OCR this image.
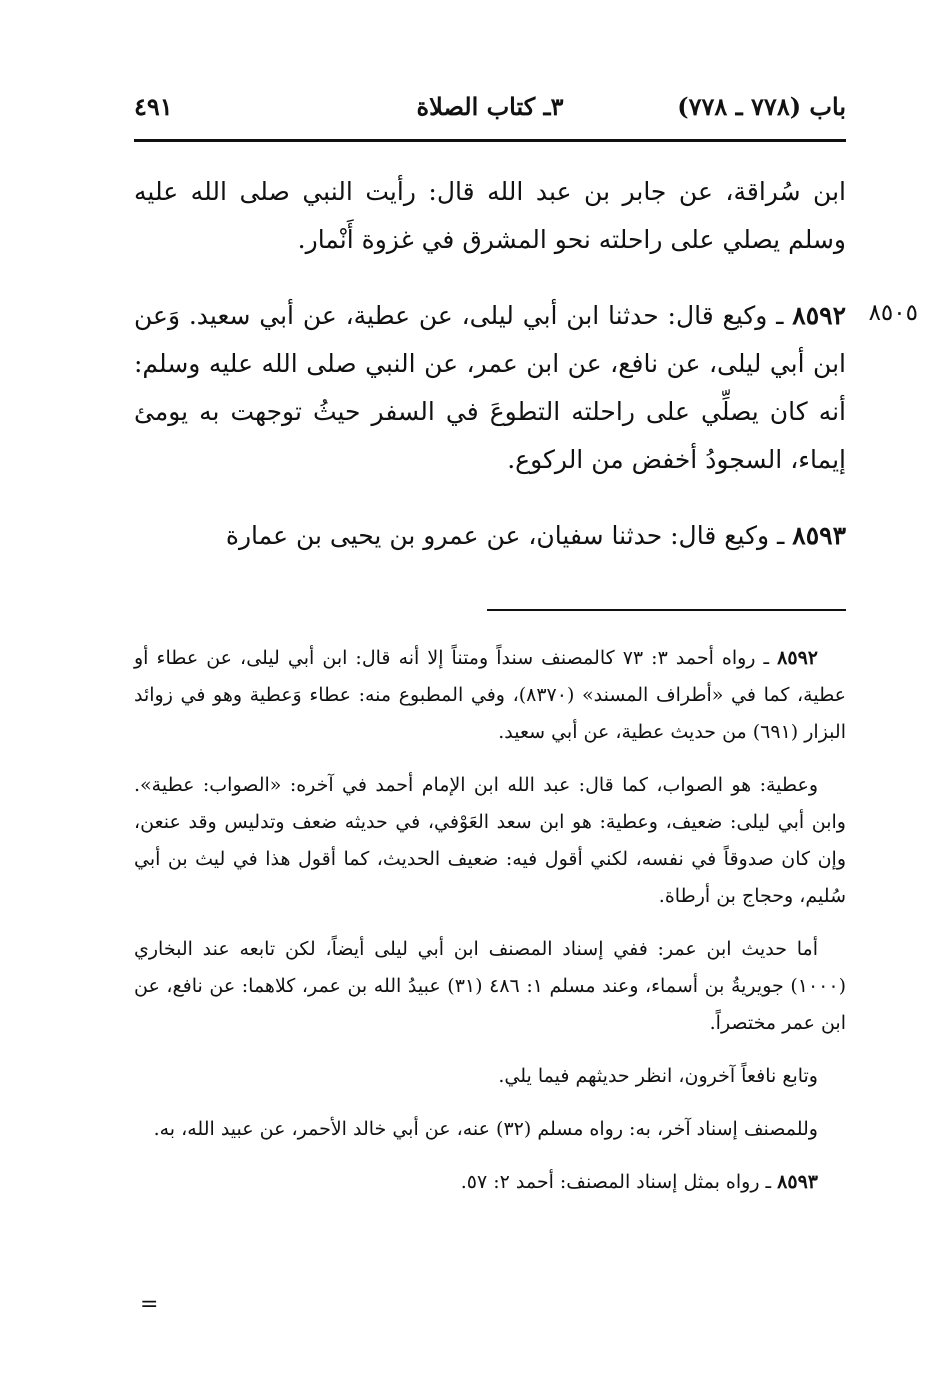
باب (٧٧٨ ـ ٧٧٨)
٣ـ كتاب الصلاة
٤٩١
٨٥٠٥

ابن سُراقة، عن جابر بن عبد الله قال: رأيت النبي صلى الله عليه وسلم يصلي على راحلته نحو المشرق في غزوة أَنْمار.

٨٥٩٢ ـ وكيع قال: حدثنا ابن أبي ليلى، عن عطية، عن أبي سعيد. وَعن ابن أبي ليلى، عن نافع، عن ابن عمر، عن النبي صلى الله عليه وسلم: أنه كان يصلِّي على راحلته التطوعَ في السفر حيثُ توجهت به يومئ إيماء، السجودُ أخفض من الركوع.

٨٥٩٣ ـ وكيع قال: حدثنا سفيان، عن عمرو بن يحيى بن عمارة

٨٥٩٢ ـ رواه أحمد ٣: ٧٣ كالمصنف سنداً ومتناً إلا أنه قال: ابن أبي ليلى، عن عطاء أو عطية، كما في «أطراف المسند» (٨٣٧٠)، وفي المطبوع منه: عطاء وَعطية وهو في زوائد البزار (٦٩١) من حديث عطية، عن أبي سعيد.

وعطية: هو الصواب، كما قال: عبد الله ابن الإمام أحمد في آخره: «الصواب: عطية». وابن أبي ليلى: ضعيف، وعطية: هو ابن سعد العَوْفي، في حديثه ضعف وتدليس وقد عنعن، وإن كان صدوقاً في نفسه، لكني أقول فيه: ضعيف الحديث، كما أقول هذا في ليث بن أبي سُليم، وحجاج بن أرطاة.

أما حديث ابن عمر: ففي إسناد المصنف ابن أبي ليلى أيضاً، لكن تابعه عند البخاري (١٠٠٠) جويريةُ بن أسماء، وعند مسلم ١: ٤٨٦ (٣١) عبيدُ الله بن عمر، كلاهما: عن نافع، عن ابن عمر مختصراً.

وتابع نافعاً آخرون، انظر حديثهم فيما يلي.

وللمصنف إسناد آخر، به: رواه مسلم (٣٢) عنه، عن أبي خالد الأحمر، عن عبيد الله، به.

٨٥٩٣ ـ رواه بمثل إسناد المصنف: أحمد ٢: ٥٧.

=
